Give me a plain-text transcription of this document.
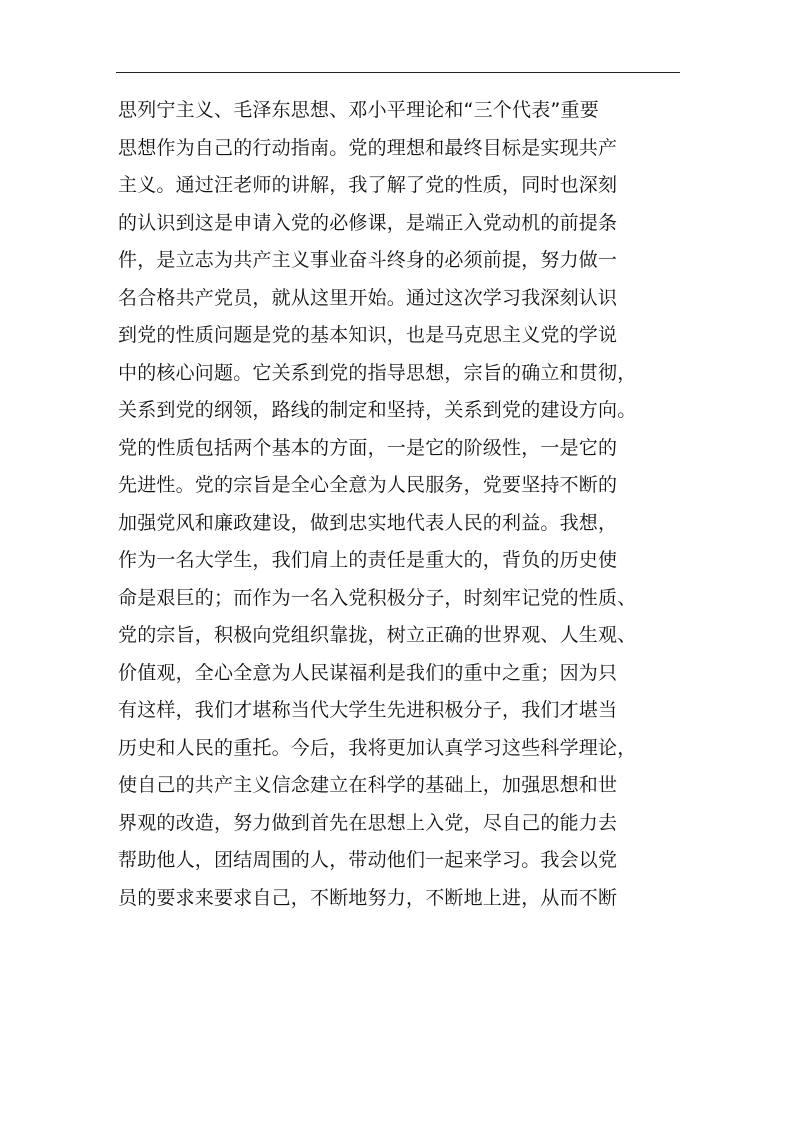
思列宁主义、毛泽东思想、邓小平理论和“三个代表”重要
思想作为自己的行动指南。党的理想和最终目标是实现共产
主义。通过汪老师的讲解，我了解了党的性质，同时也深刻
的认识到这是申请入党的必修课，是端正入党动机的前提条
件，是立志为共产主义事业奋斗终身的必须前提，努力做一
名合格共产党员，就从这里开始。通过这次学习我深刻认识
到党的性质问题是党的基本知识，也是马克思主义党的学说
中的核心问题。它关系到党的指导思想，宗旨的确立和贯彻，
关系到党的纲领，路线的制定和坚持，关系到党的建设方向。
党的性质包括两个基本的方面，一是它的阶级性，一是它的
先进性。党的宗旨是全心全意为人民服务，党要坚持不断的
加强党风和廉政建设，做到忠实地代表人民的利益。我想，
作为一名大学生，我们肩上的责任是重大的，背负的历史使
命是艰巨的；而作为一名入党积极分子，时刻牢记党的性质、
党的宗旨，积极向党组织靠拢，树立正确的世界观、人生观、
价值观，全心全意为人民谋福利是我们的重中之重；因为只
有这样，我们才堪称当代大学生先进积极分子，我们才堪当
历史和人民的重托。今后，我将更加认真学习这些科学理论，
使自己的共产主义信念建立在科学的基础上，加强思想和世
界观的改造，努力做到首先在思想上入党，尽自己的能力去
帮助他人，团结周围的人，带动他们一起来学习。我会以党
员的要求来要求自己，不断地努力，不断地上进，从而不断
